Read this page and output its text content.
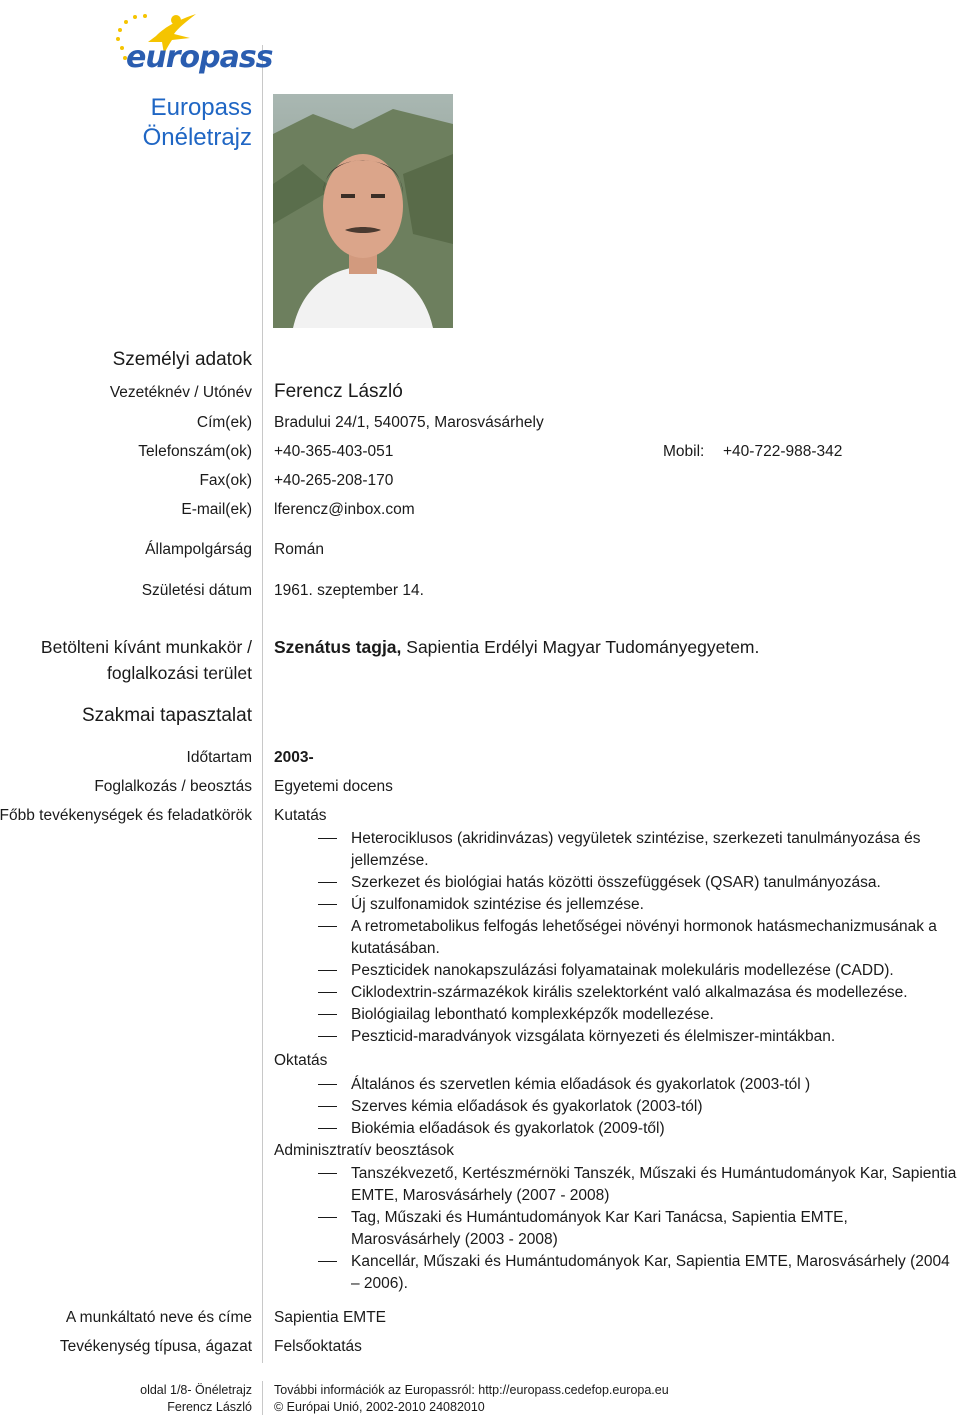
europass
Europass
Önéletrajz
Személyi adatok
Vezetéknév / Utónév Ferencz László
Cím(ek) Bradului 24/1, 540075, Marosvásárhely
Telefonszám(ok) +40-365-403-051	Mobil: +40-722-988-342
Fax(ok) +40-265-208-170
E-mail(ek) lferencz@inbox.com
Állampolgárság Román
Születési dátum 1961. szeptember 14.
Betölteni kívánt munkakör /
foglalkozási terület
Szenátus tagja, Sapientia Erdélyi Magyar Tudományegyetem.
Szakmai tapasztalat
Időtartam 2003-
Foglalkozás / beosztás Egyetemi docens
Főbb tevékenységek és feladatkörök Kutatás
Heterociklusos (akridinvázas) vegyületek szintézise, szerkezeti tanulmányozása és jellemzése.
Szerkezet és biológiai hatás közötti összefüggések (QSAR) tanulmányozása.
Új szulfonamidok szintézise és jellemzése.
A retrometabolikus felfogás lehetőségei növényi hormonok hatásmechanizmusának a kutatásában.
Peszticidek nanokapszulázási folyamatainak molekuláris modellezése (CADD).
Ciklodextrin-származékok királis szelektorként való alkalmazása és modellezése.
Biológiailag lebontható komplexképzők modellezése.
Peszticid-maradványok vizsgálata környezeti és élelmiszer-mintákban.
Oktatás
Általános és szervetlen kémia előadások és gyakorlatok (2003-tól )
Szerves kémia előadások és gyakorlatok (2003-tól)
Biokémia előadások és gyakorlatok (2009-től)
Adminisztratív beosztások
Tanszékvezető, Kertészmérnöki Tanszék, Műszaki és Humántudományok Kar, Sapientia EMTE, Marosvásárhely (2007 - 2008)
Tag, Műszaki és Humántudományok Kar Kari Tanácsa, Sapientia EMTE, Marosvásárhely (2003 - 2008)
Kancellár, Műszaki és Humántudományok Kar, Sapientia EMTE, Marosvásárhely (2004 – 2006).
A munkáltató neve és címe Sapientia EMTE
Tevékenység típusa, ágazat Felsőoktatás
oldal 1/8- Önéletrajz
Ferencz László
További információk az Europassról: http://europass.cedefop.europa.eu
© Európai Unió, 2002-2010 24082010
